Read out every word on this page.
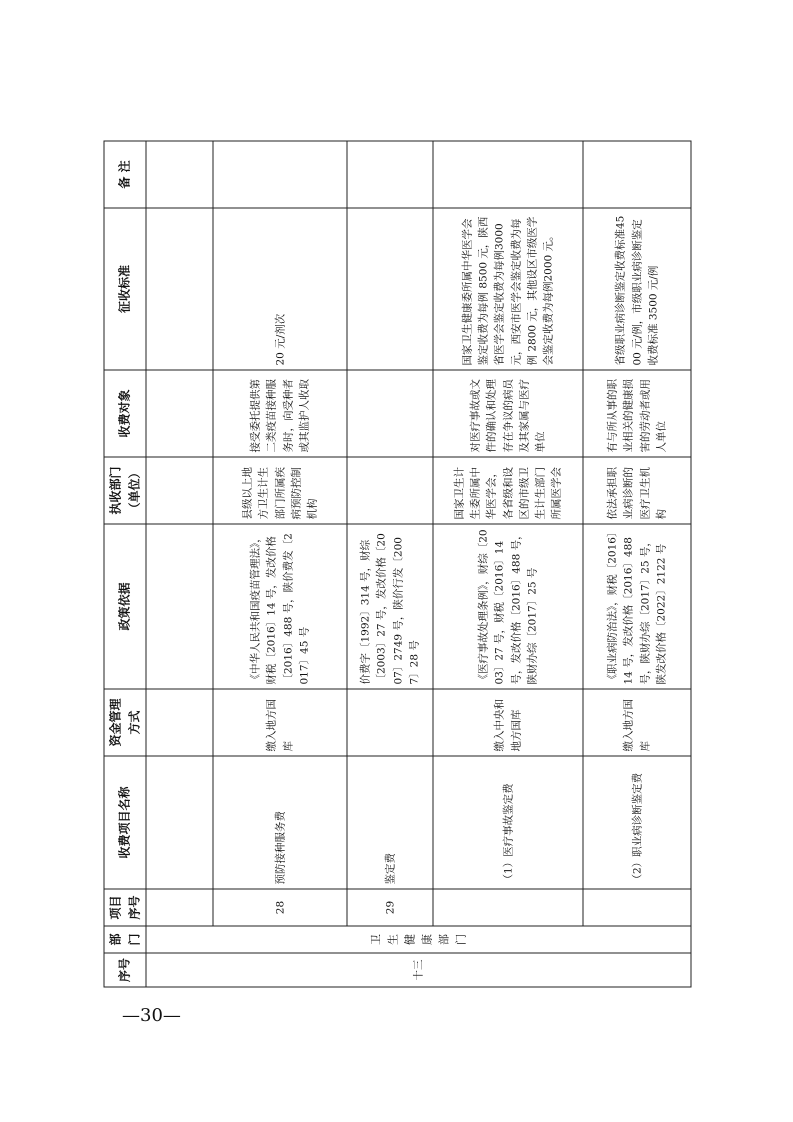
序号	部门	项目序号	收费项目名称	资金管理方式	政策依据	执收部门（单位）	收费对象	征收标准	备 注
十三	卫生健康部门								
		28	预防接种服务费	缴入地方国库	《中华人民共和国疫苗管理法》，财税〔2016〕14 号，发改价格〔2016〕488 号，陕价费发〔2017〕45 号	县级以上地方卫生计生部门所属疾病预防控制机构	接受委托提供第二类疫苗接种服务时，向受种者或其监护人收取	20 元/剂次	
		29	鉴定费		价费字〔1992〕314 号，财综〔2003〕27 号，发改价格〔2007〕2749 号，陕价行发〔2007〕28 号				
			（1）医疗事故鉴定费	缴入中央和地方国库	《医疗事故处理条例》，财综〔2003〕27 号，财税〔2016〕14 号，发改价格〔2016〕488 号，陕财办综〔2017〕25 号	国家卫生计生委所属中华医学会，各省级和设区的市级卫生计生部门所属医学会	对医疗事故或文件的确认和处理存在争议的病员及其家属与医疗单位	国家卫生健康委所属中华医学会鉴定收费为每例 8500 元，陕西省医学会鉴定收费为每例3000 元，西安市医学会鉴定收费为每例 2800 元，其他设区市级医学会鉴定收费为每例2000 元。	
			（2）职业病诊断鉴定费	缴入地方国库	《职业病防治法》，财税〔2016〕14 号，发改价格〔2016〕488 号，陕财办综〔2017〕25 号，陕发改价格〔2022〕2122 号	依法承担职业病诊断的医疗卫生机构	有与所从事的职业相关的健康损害的劳动者或用人单位	省级职业病诊断鉴定收费标准4500 元/例，市级职业病诊断鉴定收费标准 3500 元/例	
—30—
